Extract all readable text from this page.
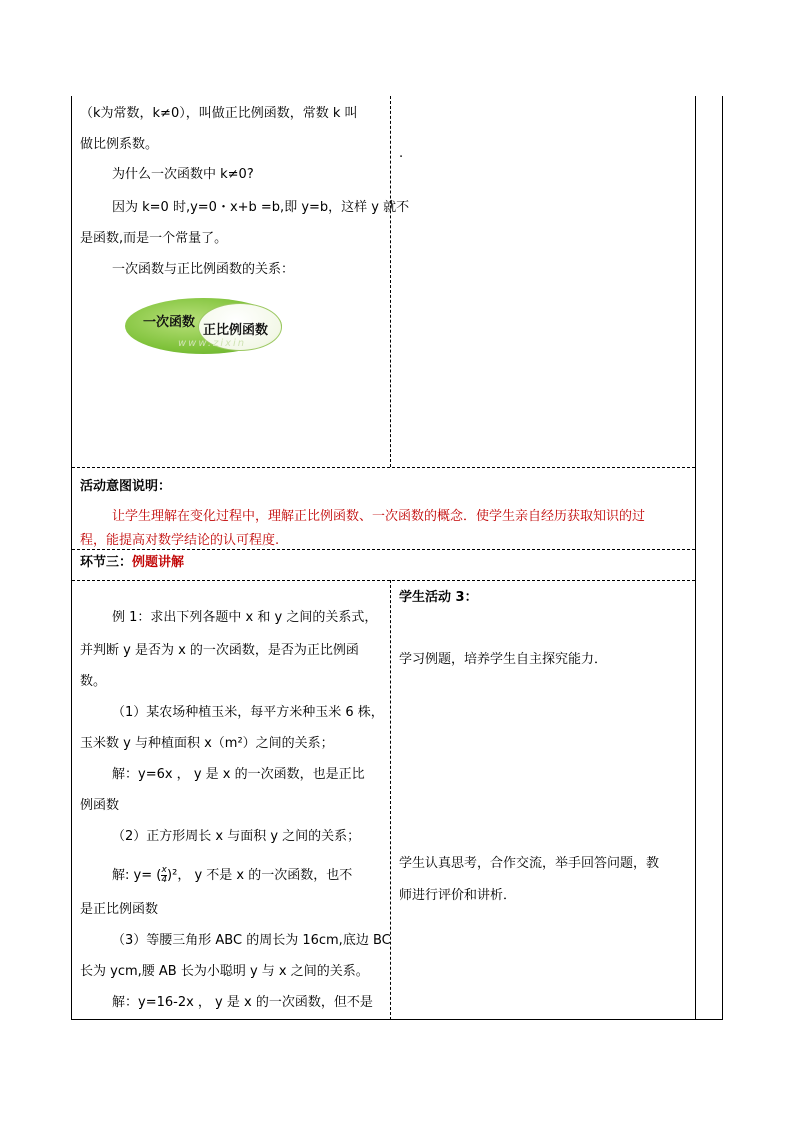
（k为常数，k≠0），叫做正比例函数，常数 k 叫
做比例系数。
为什么一次函数中 k≠0?
因为 k=0 时,y=0・x+b =b,即 y=b，这样 y 就不
是函数,而是一个常量了。
一次函数与正比例函数的关系：
一次函数
正比例函数
www.zixin
.
活动意图说明：
让学生理解在变化过程中，理解正比例函数、一次函数的概念．使学生亲自经历获取知识的过
程，能提高对数学结论的认可程度.
环节三：例题讲解
例 1：求出下列各题中 x 和 y 之间的关系式，
并判断 y 是否为 x 的一次函数，是否为正比例函
数。
（1）某农场种植玉米，每平方米种玉米 6 株，
玉米数 y 与种植面积 x（m²）之间的关系；
解：y=6x ， y 是 x 的一次函数，也是正比
例函数
（2）正方形周长 x 与面积 y 之间的关系；
解: y= ( $\frac{x}{4} )^2$， y 不是 x 的一次函数，也不
是正比例函数
（3）等腰三角形 ABC 的周长为 16cm,底边 BC
长为 ycm,腰 AB 长为小聪明 y 与 x 之间的关系。
解：y=16-2x ， y 是 x 的一次函数，但不是
学生活动 3：
学习例题，培养学生自主探究能力．
学生认真思考，合作交流，举手回答问题，教
师进行评价和讲析．
